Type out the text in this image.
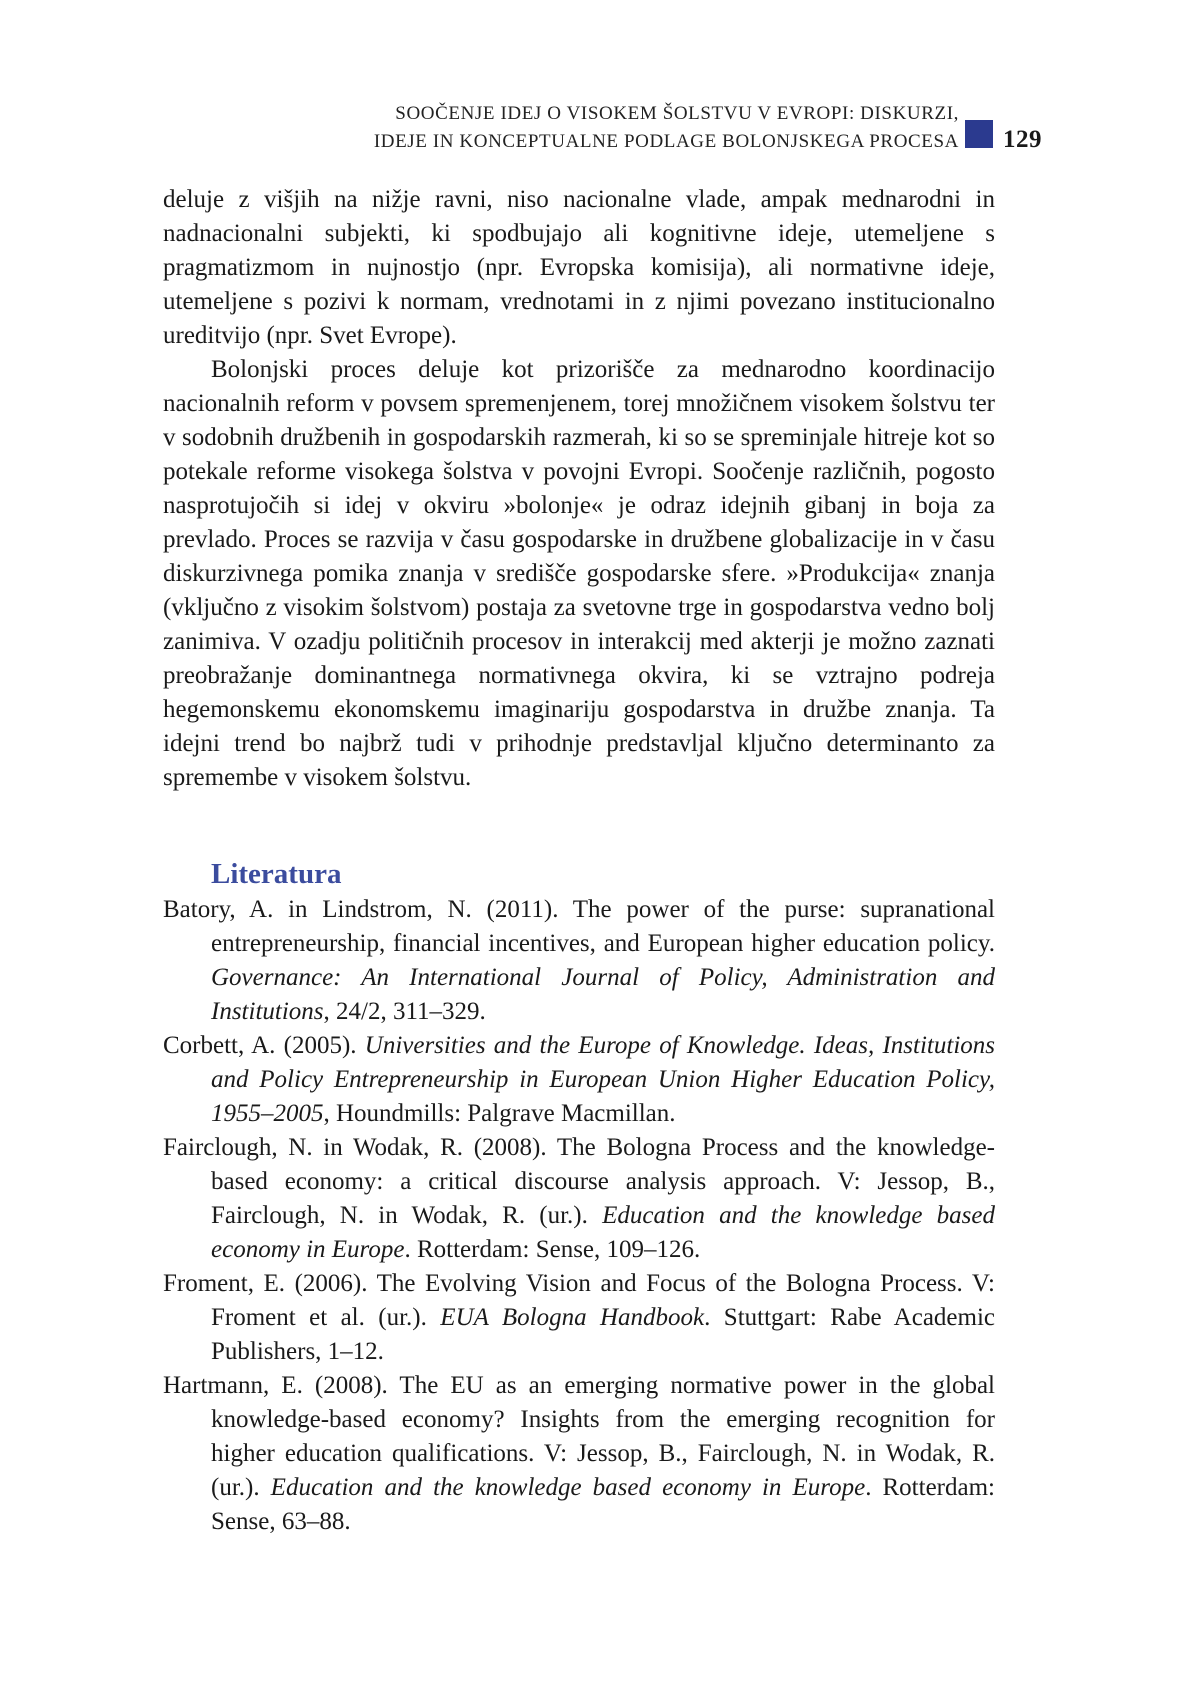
SOOČENJE IDEJ O VISOKEM ŠOLSTVU V EVROPI: DISKURZI,
IDEJE IN KONCEPTUALNE PODLAGE BOLONJSKEGA PROCESA 129

deluje z višjih na nižje ravni, niso nacionalne vlade, ampak mednarodni in nadnacionalni subjekti, ki spodbujajo ali kognitivne ideje, utemeljene s pragmatizmom in nujnostjo (npr. Evropska komisija), ali normativne ideje, utemeljene s pozivi k normam, vrednotami in z njimi povezano institucionalno ureditvijo (npr. Svet Evrope).

Bolonjski proces deluje kot prizorišče za mednarodno koordinacijo nacionalnih reform v povsem spremenjenem, torej množičnem visokem šolstvu ter v sodobnih družbenih in gospodarskih razmerah, ki so se spreminjale hitreje kot so potekale reforme visokega šolstva v povojni Evropi. Soočenje različnih, pogosto nasprotujočih si idej v okviru »bolonje« je odraz idejnih gibanj in boja za prevlado. Proces se razvija v času gospodarske in družbene globalizacije in v času diskurzivnega pomika znanja v središče gospodarske sfere. »Produkcija« znanja (vključno z visokim šolstvom) postaja za svetovne trge in gospodarstva vedno bolj zanimiva. V ozadju političnih procesov in interakcij med akterji je možno zaznati preobražanje dominantnega normativnega okvira, ki se vztrajno podreja hegemonskemu ekonomskemu imaginariju gospodarstva in družbe znanja. Ta idejni trend bo najbrž tudi v prihodnje predstavljal ključno determinanto za spremembe v visokem šolstvu.

Literatura
Batory, A. in Lindstrom, N. (2011). The power of the purse: supranational entrepreneurship, financial incentives, and European higher education policy. Governance: An International Journal of Policy, Administration and Institutions, 24/2, 311–329.
Corbett, A. (2005). Universities and the Europe of Knowledge. Ideas, Institutions and Policy Entrepreneurship in European Union Higher Education Policy, 1955–2005, Houndmills: Palgrave Macmillan.
Fairclough, N. in Wodak, R. (2008). The Bologna Process and the knowledge-based economy: a critical discourse analysis approach. V: Jessop, B., Fairclough, N. in Wodak, R. (ur.). Education and the knowledge based economy in Europe. Rotterdam: Sense, 109–126.
Froment, E. (2006). The Evolving Vision and Focus of the Bologna Process. V: Froment et al. (ur.). EUA Bologna Handbook. Stuttgart: Rabe Academic Publishers, 1–12.
Hartmann, E. (2008). The EU as an emerging normative power in the global knowledge-based economy? Insights from the emerging recognition for higher education qualifications. V: Jessop, B., Fairclough, N. in Wodak, R. (ur.). Education and the knowledge based economy in Europe. Rotterdam: Sense, 63–88.
